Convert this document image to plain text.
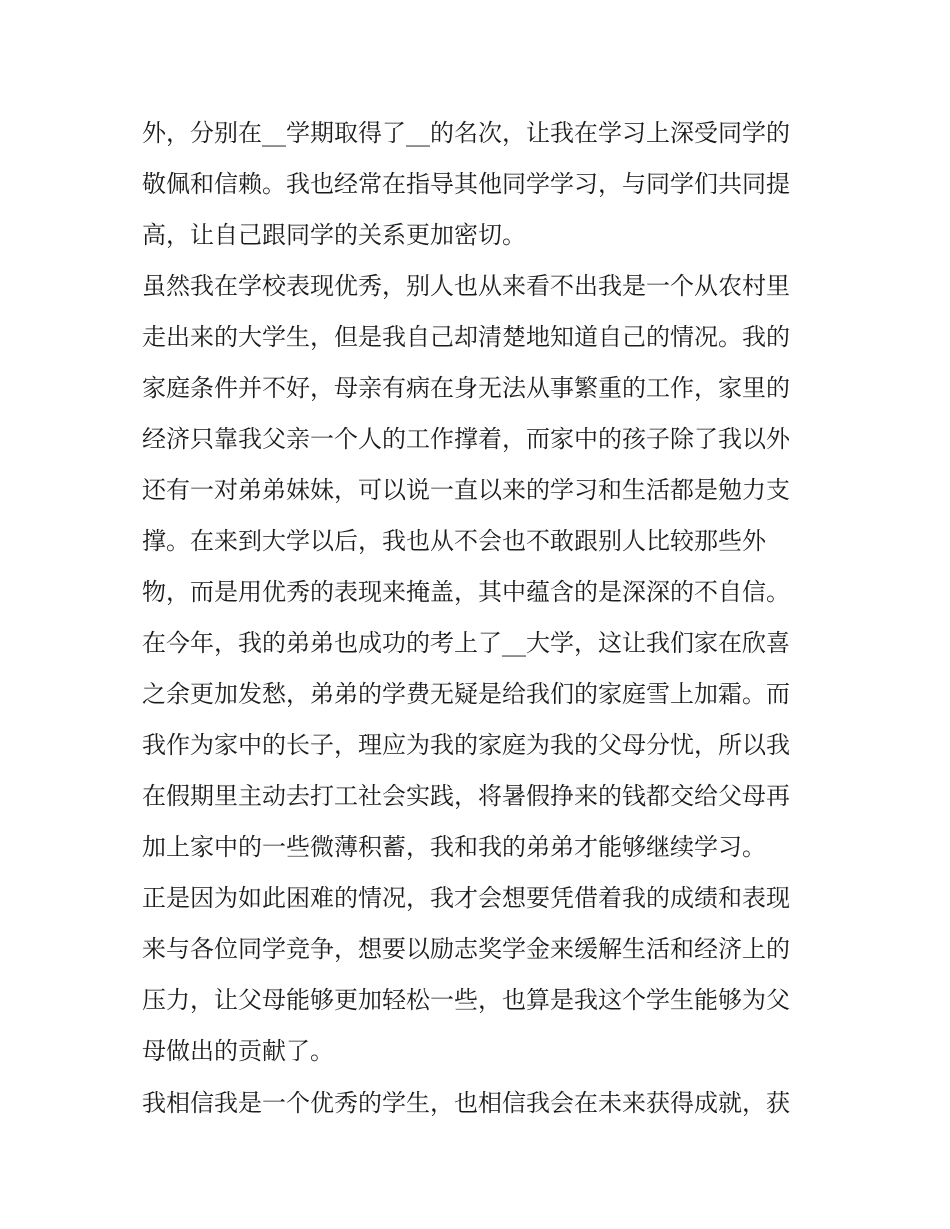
外，分别在__学期取得了__的名次，让我在学习上深受同学的
敬佩和信赖。我也经常在指导其他同学学习，与同学们共同提
高，让自己跟同学的关系更加密切。
虽然我在学校表现优秀，别人也从来看不出我是一个从农村里
走出来的大学生，但是我自己却清楚地知道自己的情况。我的
家庭条件并不好，母亲有病在身无法从事繁重的工作，家里的
经济只靠我父亲一个人的工作撑着，而家中的孩子除了我以外
还有一对弟弟妹妹，可以说一直以来的学习和生活都是勉力支
撑。在来到大学以后，我也从不会也不敢跟别人比较那些外
物，而是用优秀的表现来掩盖，其中蕴含的是深深的不自信。
在今年，我的弟弟也成功的考上了__大学，这让我们家在欣喜
之余更加发愁，弟弟的学费无疑是给我们的家庭雪上加霜。而
我作为家中的长子，理应为我的家庭为我的父母分忧，所以我
在假期里主动去打工社会实践，将暑假挣来的钱都交给父母再
加上家中的一些微薄积蓄，我和我的弟弟才能够继续学习。
正是因为如此困难的情况，我才会想要凭借着我的成绩和表现
来与各位同学竞争，想要以励志奖学金来缓解生活和经济上的
压力，让父母能够更加轻松一些，也算是我这个学生能够为父
母做出的贡献了。
我相信我是一个优秀的学生，也相信我会在未来获得成就，获
